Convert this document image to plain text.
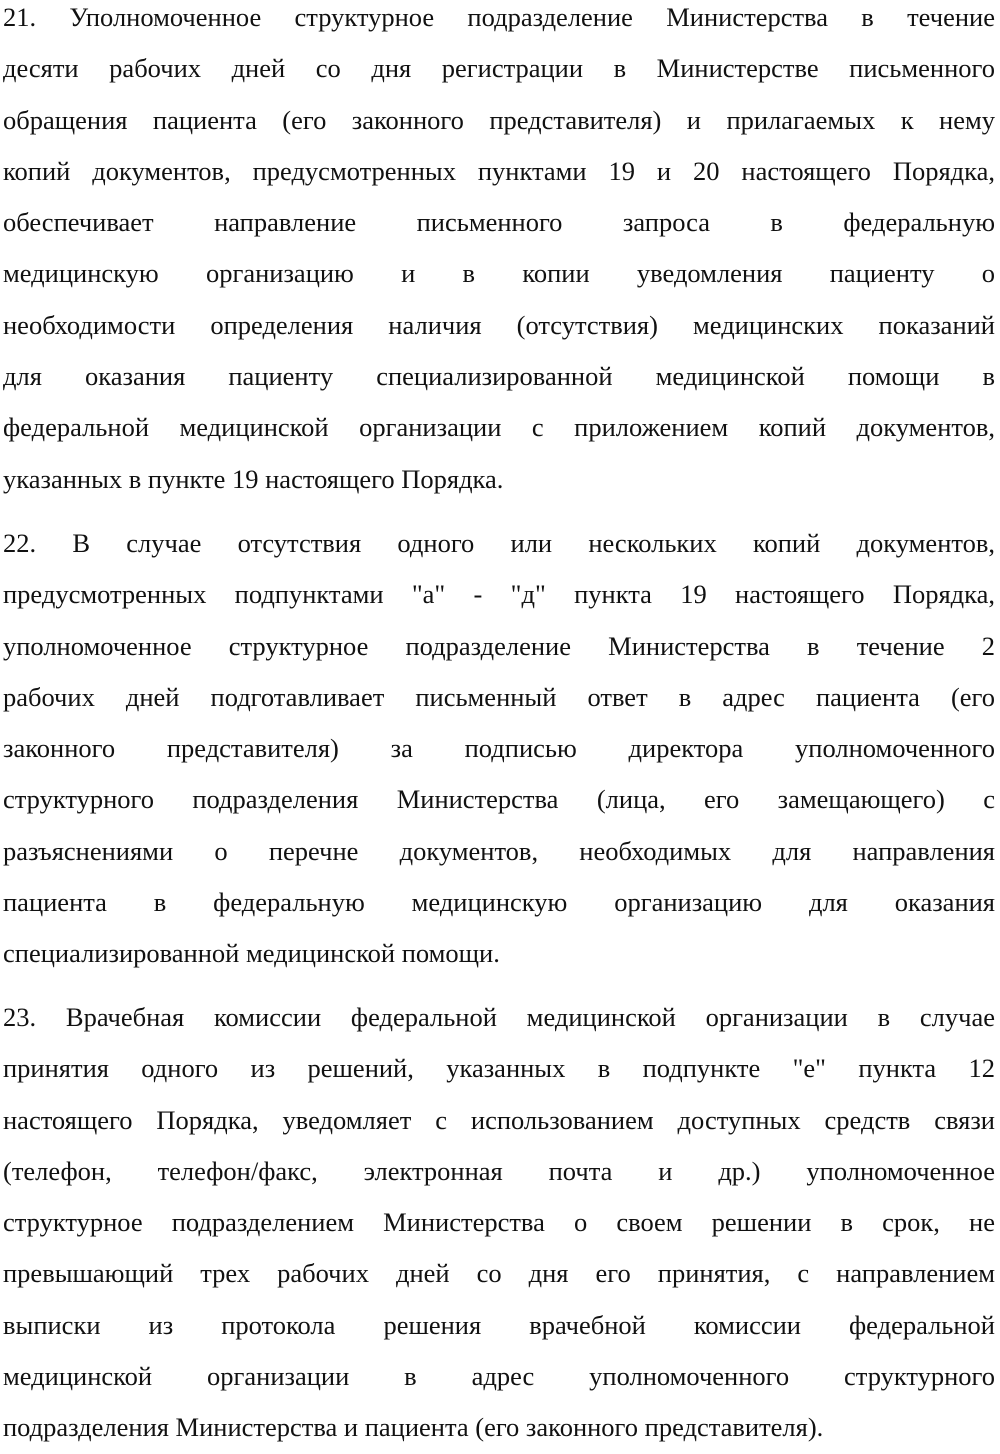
21. Уполномоченное структурное подразделение Министерства в течение
десяти рабочих дней со дня регистрации в Министерстве письменного
обращения пациента (его законного представителя) и прилагаемых к нему
копий документов, предусмотренных пунктами 19 и 20 настоящего Порядка,
обеспечивает направление письменного запроса в федеральную
медицинскую организацию и в копии уведомления пациенту о
необходимости определения наличия (отсутствия) медицинских показаний
для оказания пациенту специализированной медицинской помощи в
федеральной медицинской организации с приложением копий документов,
указанных в пункте 19 настоящего Порядка.
22. В случае отсутствия одного или нескольких копий документов,
предусмотренных подпунктами "а" - "д" пункта 19 настоящего Порядка,
уполномоченное структурное подразделение Министерства в течение 2
рабочих дней подготавливает письменный ответ в адрес пациента (его
законного представителя) за подписью директора уполномоченного
структурного подразделения Министерства (лица, его замещающего) с
разъяснениями о перечне документов, необходимых для направления
пациента в федеральную медицинскую организацию для оказания
специализированной медицинской помощи.
23. Врачебная комиссии федеральной медицинской организации в случае
принятия одного из решений, указанных в подпункте "е" пункта 12
настоящего Порядка, уведомляет с использованием доступных средств связи
(телефон, телефон/факс, электронная почта и др.) уполномоченное
структурное подразделением Министерства о своем решении в срок, не
превышающий трех рабочих дней со дня его принятия, с направлением
выписки из протокола решения врачебной комиссии федеральной
медицинской организации в адрес уполномоченного структурного
подразделения Министерства и пациента (его законного представителя).
